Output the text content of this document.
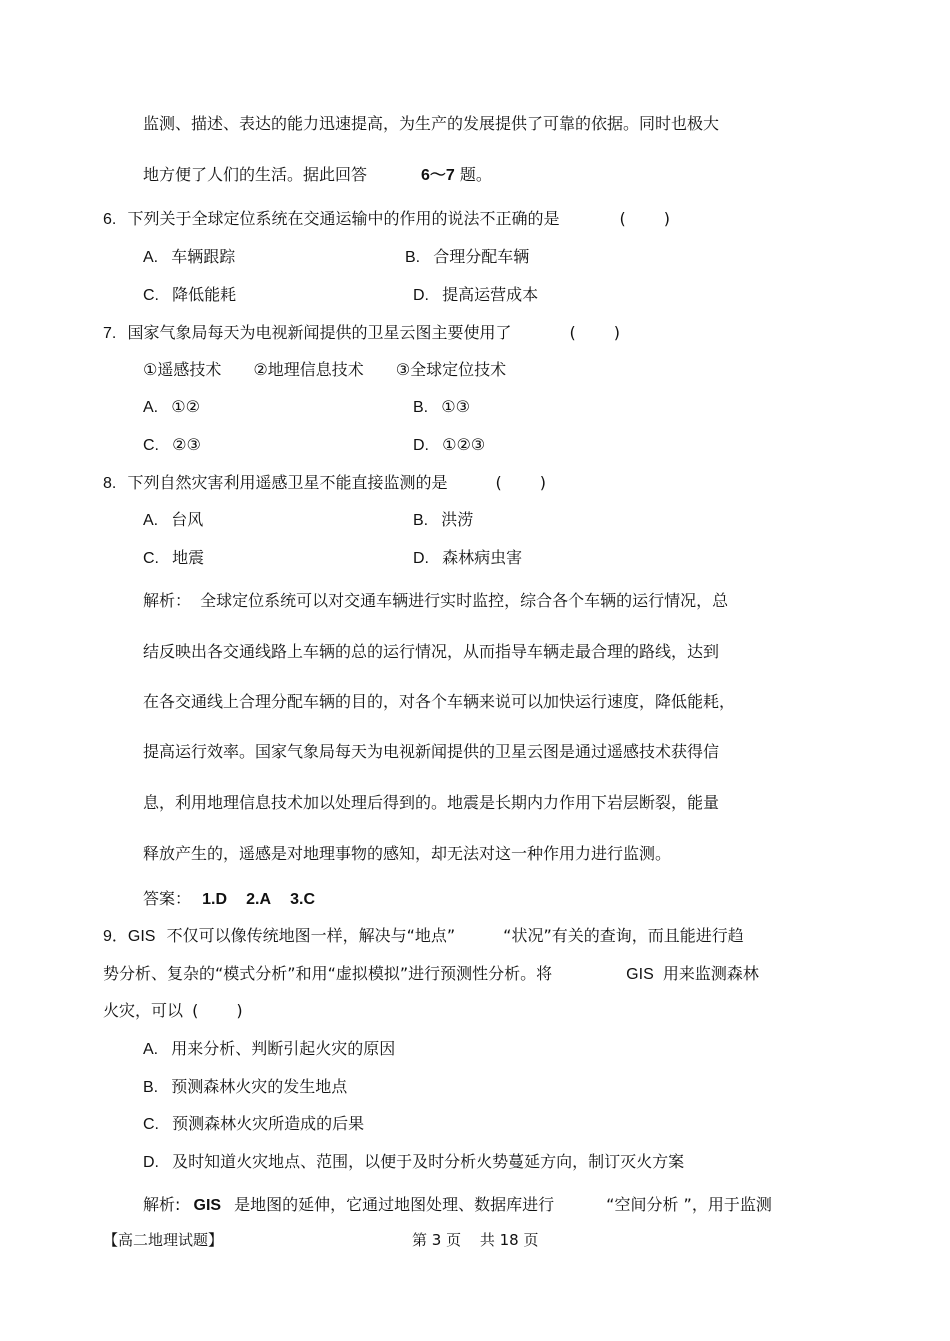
监测、描述、表达的能力迅速提高，为生产的发展提供了可靠的依据。同时也极大
地方便了人们的生活。据此回答	6～7 题。
6. 下列关于全球定位系统在交通运输中的作用的说法不正确的是	( )
A. 车辆跟踪	B. 合理分配车辆
C. 降低能耗	D. 提高运营成本
7. 国家气象局每天为电视新闻提供的卫星云图主要使用了	( )
①遥感技术 ②地理信息技术 ③全球定位技术
A. ①②	B. ①③
C. ②③	D. ①②③
8. 下列自然灾害利用遥感卫星不能直接监测的是	( )
A. 台风	B. 洪涝
C. 地震	D. 森林病虫害
解析： 全球定位系统可以对交通车辆进行实时监控，综合各个车辆的运行情况，总
结反映出各交通线路上车辆的总的运行情况，从而指导车辆走最合理的路线，达到
在各交通线上合理分配车辆的目的，对各个车辆来说可以加快运行速度，降低能耗，
提高运行效率。国家气象局每天为电视新闻提供的卫星云图是通过遥感技术获得信
息，利用地理信息技术加以处理后得到的。地震是长期内力作用下岩层断裂，能量
释放产生的，遥感是对地理事物的感知，却无法对这一种作用力进行监测。
答案： 1.D 2.A 3.C
9．GIS 不仅可以像传统地图一样，解决与“地点”	“状况”有关的查询，而且能进行趋
势分析、复杂的“模式分析”和用“虚拟模拟”进行预测性分析。将	GIS 用来监测森林
火灾，可以 ( )
A. 用来分析、判断引起火灾的原因
B. 预测森林火灾的发生地点
C. 预测森林火灾所造成的后果
D. 及时知道火灾地点、范围，以便于及时分析火势蔓延方向，制订灭火方案
解析: GIS 是地图的延伸，它通过地图处理、数据库进行	“空间分析 ”，用于监测
【高二地理试题】	第 3 页 共 18 页
